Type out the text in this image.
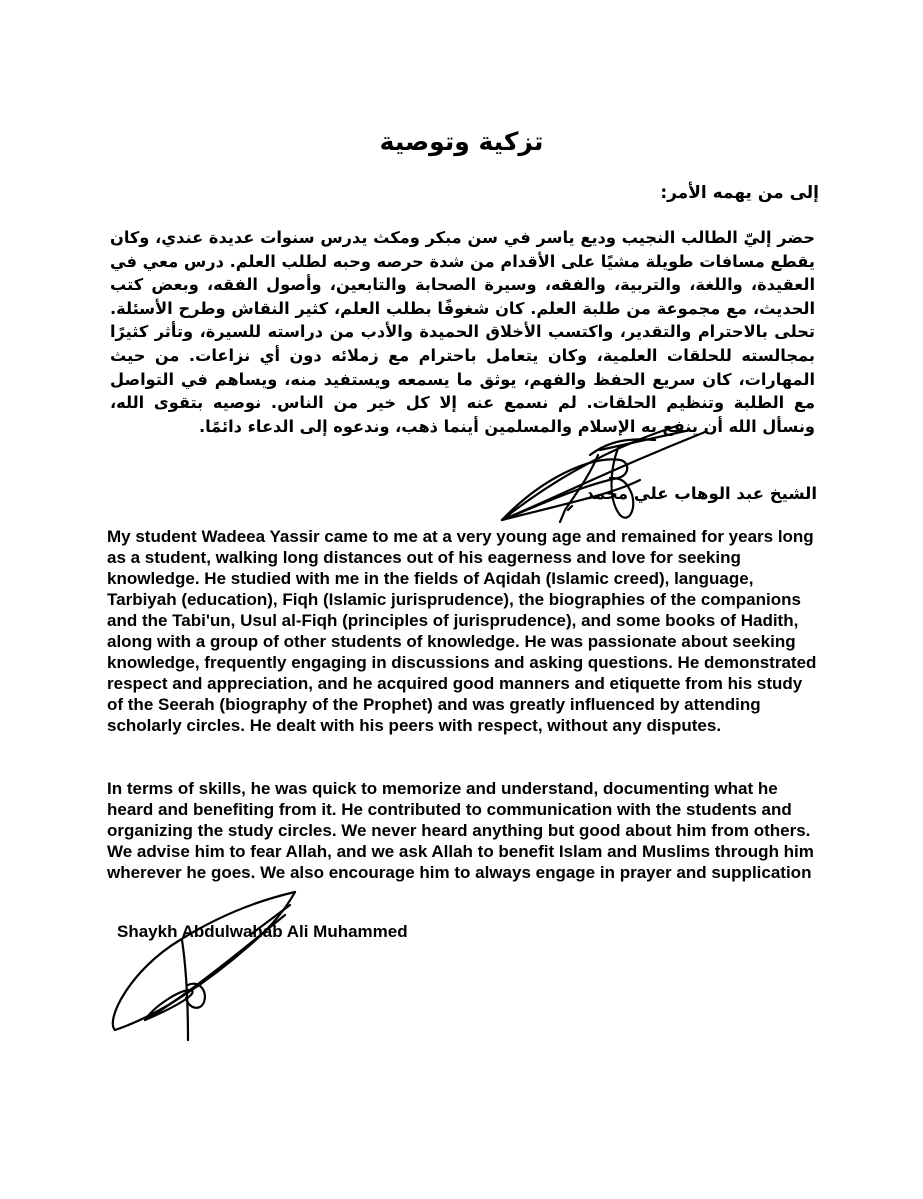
تزكية وتوصية
إلى من يهمه الأمر:
حضر إليّ الطالب النجيب وديع ياسر في سن مبكر ومكث يدرس سنوات عديدة عندي، وكان يقطع مسافات طويلة مشيًا على الأقدام من شدة حرصه وحبه لطلب العلم. درس معي في العقيدة، واللغة، والتربية، والفقه، وسيرة الصحابة والتابعين، وأصول الفقه، وبعض كتب الحديث، مع مجموعة من طلبة العلم. كان شغوفًا بطلب العلم، كثير النقاش وطرح الأسئلة. تحلى بالاحترام والتقدير، واكتسب الأخلاق الحميدة والأدب من دراسته للسيرة، وتأثر كثيرًا بمجالسته للحلقات العلمية، وكان يتعامل باحترام مع زملائه دون أي نزاعات. من حيث المهارات، كان سريع الحفظ والفهم، يوثق ما يسمعه ويستفيد منه، ويساهم في التواصل مع الطلبة وتنظيم الحلقات. لم نسمع عنه إلا كل خير من الناس. نوصيه بتقوى الله، ونسأل الله أن ينفع به الإسلام والمسلمين أينما ذهب، وندعوه إلى الدعاء دائمًا.
الشيخ عبد الوهاب علي محمد

My student Wadeea Yassir came to me at a very young age and remained for years long as a student, walking long distances out of his eagerness and love for seeking knowledge. He studied with me in the fields of Aqidah (Islamic creed), language, Tarbiyah (education), Fiqh (Islamic jurisprudence), the biographies of the companions and the Tabi'un, Usul al-Fiqh (principles of jurisprudence), and some books of Hadith, along with a group of other students of knowledge. He was passionate about seeking knowledge, frequently engaging in discussions and asking questions. He demonstrated respect and appreciation, and he acquired good manners and etiquette from his study of the Seerah (biography of the Prophet) and was greatly influenced by attending scholarly circles. He dealt with his peers with respect, without any disputes.

In terms of skills, he was quick to memorize and understand, documenting what he heard and benefiting from it. He contributed to communication with the students and organizing the study circles. We never heard anything but good about him from others. We advise him to fear Allah, and we ask Allah to benefit Islam and Muslims through him wherever he goes. We also encourage him to always engage in prayer and supplication

Shaykh Abdulwahab Ali Muhammed
